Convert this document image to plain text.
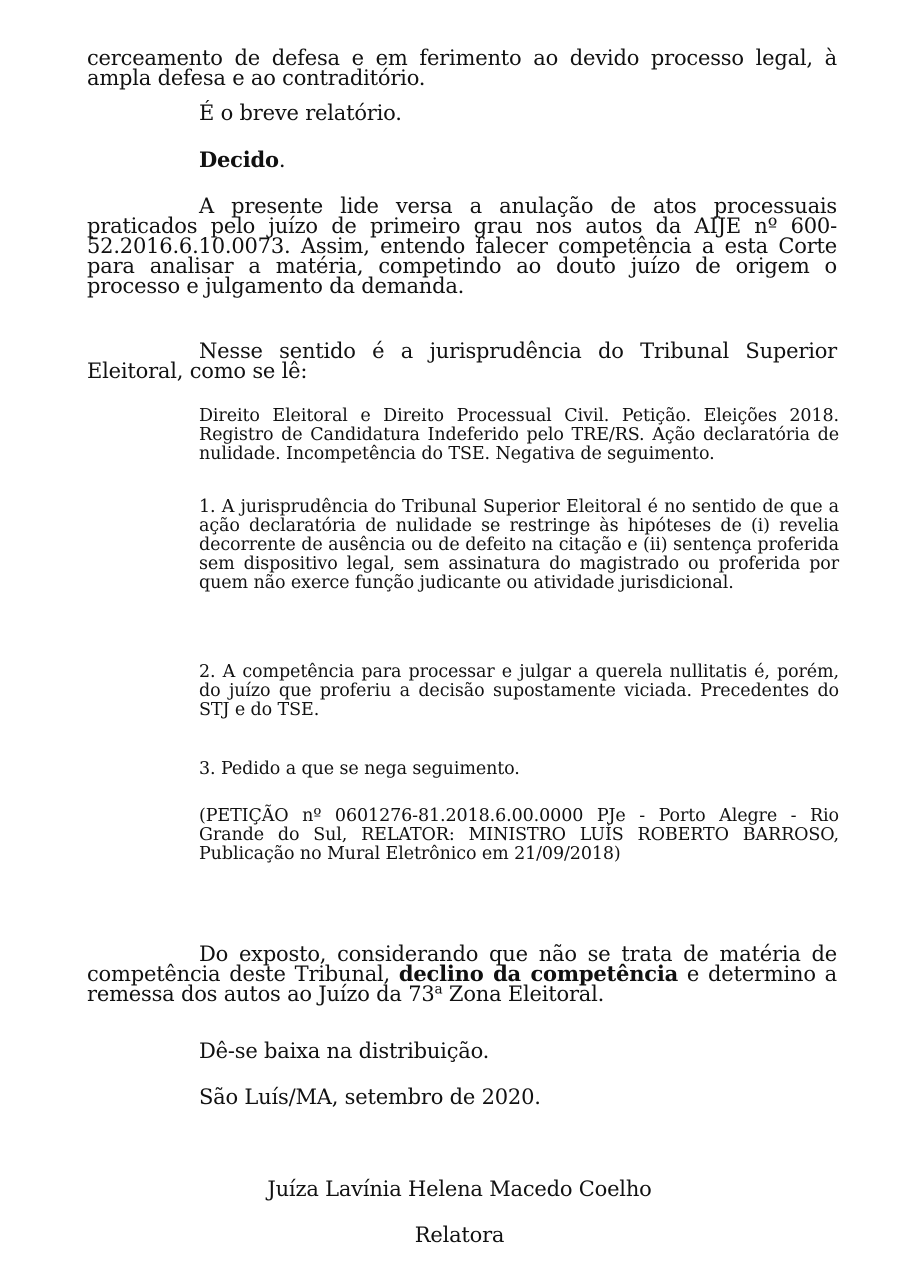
cerceamento de defesa e em ferimento ao devido processo legal, à ampla defesa e ao contraditório.

É o breve relatório.

Decido.

A presente lide versa a anulação de atos processuais praticados pelo juízo de primeiro grau nos autos da AIJE nº 600-52.2016.6.10.0073. Assim, entendo falecer competência a esta Corte para analisar a matéria, competindo ao douto juízo de origem o processo e julgamento da demanda.

Nesse sentido é a jurisprudência do Tribunal Superior Eleitoral, como se lê:

Direito Eleitoral e Direito Processual Civil. Petição. Eleições 2018. Registro de Candidatura Indeferido pelo TRE/RS. Ação declaratória de nulidade. Incompetência do TSE. Negativa de seguimento.

1. A jurisprudência do Tribunal Superior Eleitoral é no sentido de que a ação declaratória de nulidade se restringe às hipóteses de (i) revelia decorrente de ausência ou de defeito na citação e (ii) sentença proferida sem dispositivo legal, sem assinatura do magistrado ou proferida por quem não exerce função judicante ou atividade jurisdicional.

2. A competência para processar e julgar a querela nullitatis é, porém, do juízo que proferiu a decisão supostamente viciada. Precedentes do STJ e do TSE.

3. Pedido a que se nega seguimento.

(PETIÇÃO nº 0601276-81.2018.6.00.0000 PJe - Porto Alegre - Rio Grande do Sul, RELATOR: MINISTRO LUÍS ROBERTO BARROSO, Publicação no Mural Eletrônico em 21/09/2018)

Do exposto, considerando que não se trata de matéria de competência deste Tribunal, declino da competência e determino a remessa dos autos ao Juízo da 73$^a$ Zona Eleitoral.

Dê-se baixa na distribuição.

São Luís/MA, setembro de 2020.

Juíza Lavínia Helena Macedo Coelho

Relatora
